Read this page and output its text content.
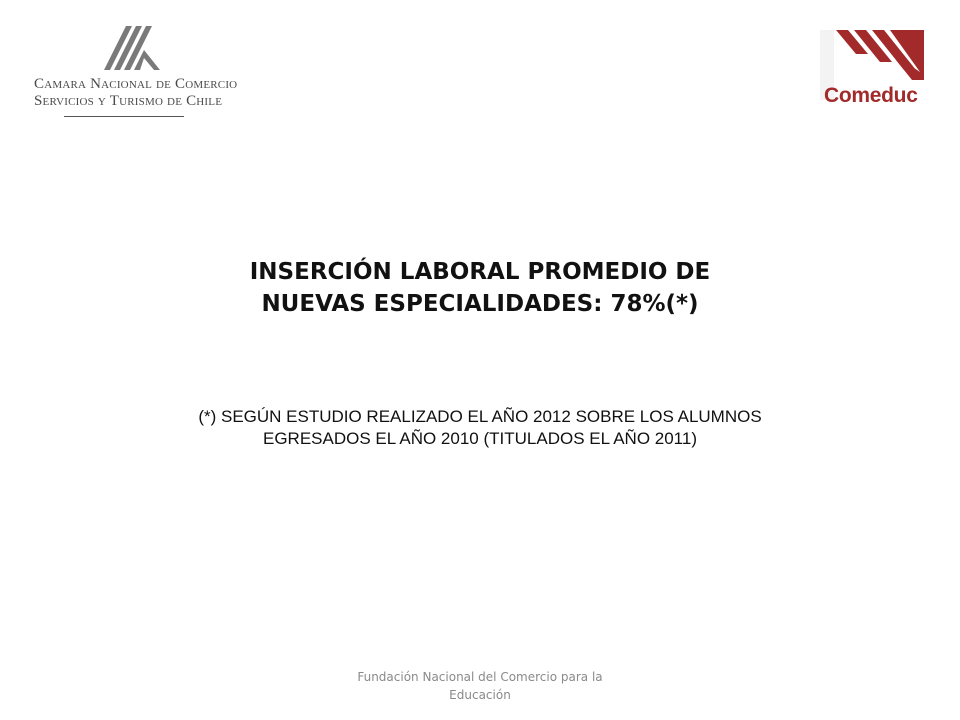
Camara Nacional de Comercio
Servicios y Turismo de Chile	Comeduc
INSERCIÓN LABORAL PROMEDIO DE
NUEVAS ESPECIALIDADES: 78%(*)
(*) SEGÚN ESTUDIO REALIZADO EL AÑO 2012 SOBRE LOS ALUMNOS
EGRESADOS EL AÑO 2010 (TITULADOS EL AÑO 2011)
Fundación Nacional del Comercio para la
Educación
